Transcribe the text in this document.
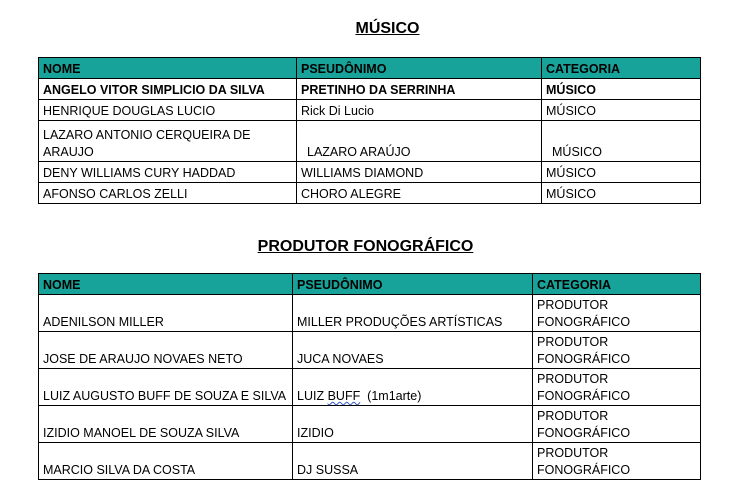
MÚSICO
NOME	PSEUDÔNIMO	CATEGORIA
ANGELO VITOR SIMPLICIO DA SILVA	PRETINHO DA SERRINHA	MÚSICO
HENRIQUE DOUGLAS LUCIO	Rick Di Lucio	MÚSICO

LAZARO ANTONIO CERQUEIRA DE
ARAUJO	LAZARO ARAÚJO	MÚSICO
DENY WILLIAMS CURY HADDAD	WILLIAMS DIAMOND	MÚSICO
AFONSO CARLOS ZELLI	CHORO ALEGRE	MÚSICO
PRODUTOR FONOGRÁFICO
NOME	PSEUDÔNIMO	CATEGORIA
ADENILSON MILLER	MILLER PRODUÇÕES ARTÍSTICAS	PRODUTOR
FONOGRÁFICO

JOSE DE ARAUJO NOVAES NETO	JUCA NOVAES	PRODUTOR
FONOGRÁFICO

LUIZ AUGUSTO BUFF DE SOUZA E SILVA	LUIZ BUFF (1m1arte)	PRODUTOR
FONOGRÁFICO

IZIDIO MANOEL DE SOUZA SILVA	IZIDIO	PRODUTOR
FONOGRÁFICO

MARCIO SILVA DA COSTA	DJ SUSSA	PRODUTOR
FONOGRÁFICO
